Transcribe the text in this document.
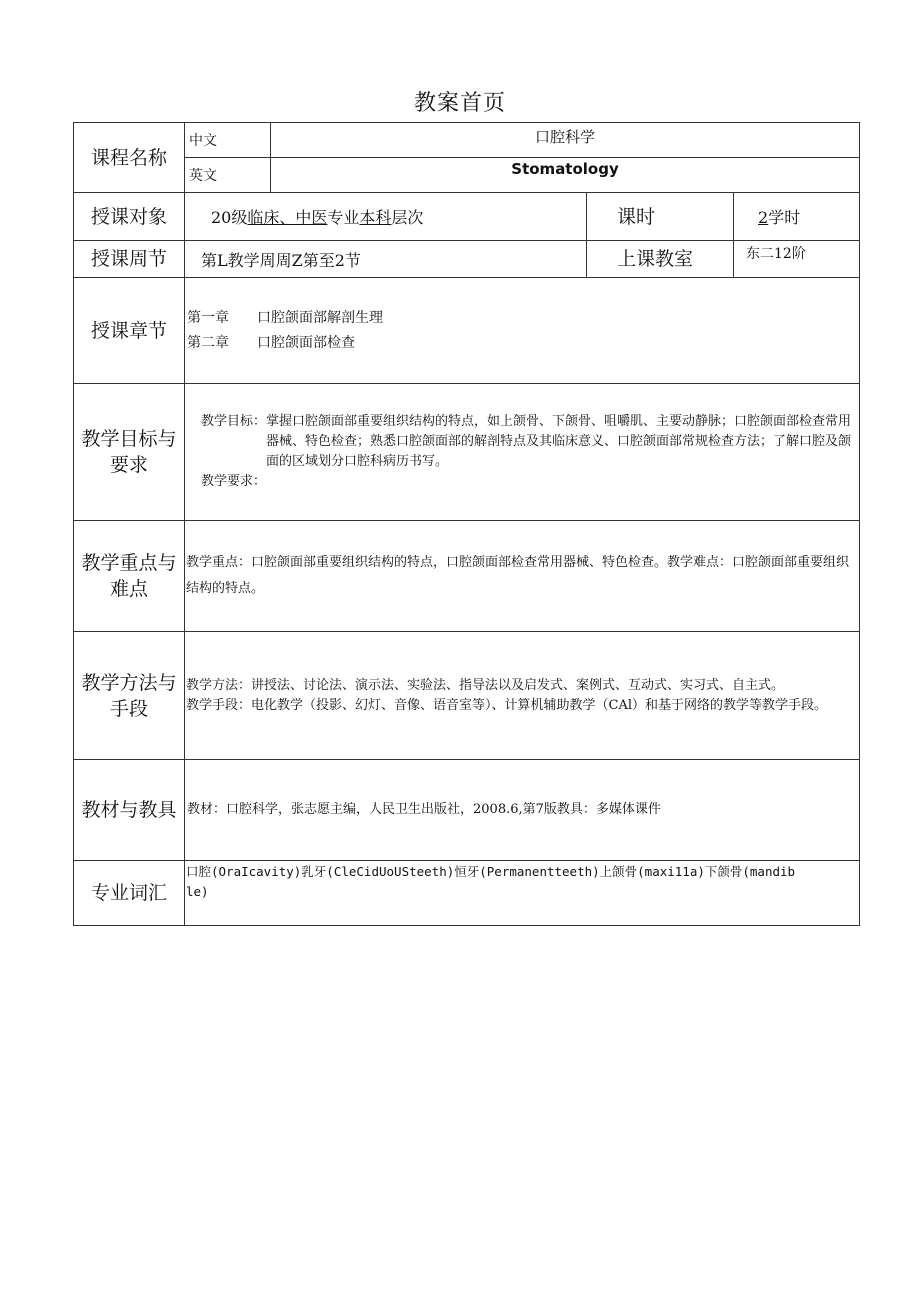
教案首页
课程名称	中文	口腔科学		
	英文	Stomatology		
授课对象	20级临床、中医专业本科层次		课时	2学时
授课周节	第L教学周周Z第至2节		上课教室	东二12阶
授课章节	第一章 口腔颌面部解剖生理
第二章 口腔颌面部检查			

教学目标与要求	教学目标： 掌握口腔颌面部重要组织结构的特点，如上颌骨、下颌骨、咀嚼肌、主要动静脉；口腔颌面部检查常用器械、特色检查；熟悉口腔颌面部的解剖特点及其临床意义、口腔颌面部常规检查方法；了解口腔及颌面的区域划分口腔科病历书写。
教学要求：			

教学重点与难点	教学重点：口腔颌面部重要组织结构的特点，口腔颌面部检查常用器械、特色检查。教学难点：口腔颌面部重要组织结构的特点。			
教学方法与手段	教学方法：讲授法、讨论法、演示法、实验法、指导法以及启发式、案例式、互动式、实习式、自主式。

教学手段：电化教学（投影、幻灯、音像、语音室等）、计算机辅助教学（CAl）和基于网络的教学等教学手段。			

教材与教具	教材：口腔科学，张志愿主编，人民卫生出版社，2008.6,第7版教具：多媒体课件			
专业词汇	口腔(OraIcavity)乳牙(CleCidUoUSteeth)恒牙(Permanentteeth)上颌骨(maxi11a)下颌骨(mandible)			
